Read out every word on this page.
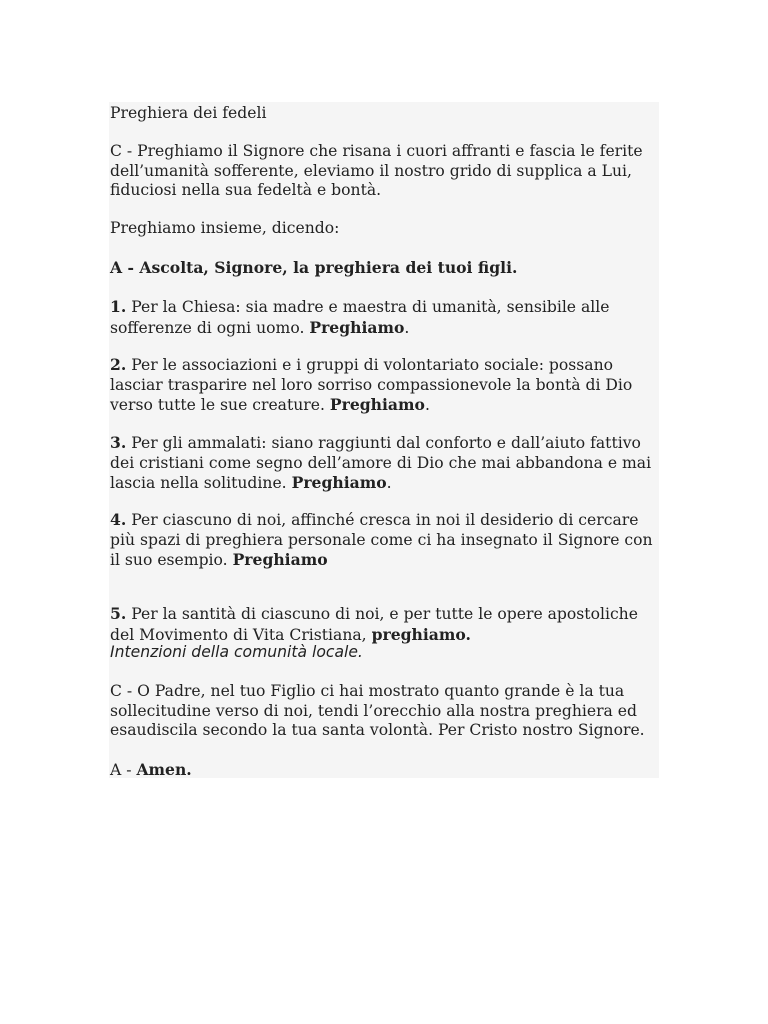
Preghiera dei fedeli

C - Preghiamo il Signore che risana i cuori affranti e fascia le ferite dell’umanità sofferente, eleviamo il nostro grido di supplica a Lui, fiduciosi nella sua fedeltà e bontà.

Preghiamo insieme, dicendo:

A - Ascolta, Signore, la preghiera dei tuoi figli.

1. Per la Chiesa: sia madre e maestra di umanità, sensibile alle sofferenze di ogni uomo. Preghiamo.

2. Per le associazioni e i gruppi di volontariato sociale: possano lasciar trasparire nel loro sorriso compassionevole la bontà di Dio verso tutte le sue creature. Preghiamo.

3. Per gli ammalati: siano raggiunti dal conforto e dall’aiuto fattivo dei cristiani come segno dell’amore di Dio che mai abbandona e mai lascia nella solitudine. Preghiamo.

4. Per ciascuno di noi, affinché cresca in noi il desiderio di cercare più spazi di preghiera personale come ci ha insegnato il Signore con il suo esempio. Preghiamo

5. Per la santità di ciascuno di noi, e per tutte le opere apostoliche del Movimento di Vita Cristiana, preghiamo.

Intenzioni della comunità locale.

C - O Padre, nel tuo Figlio ci hai mostrato quanto grande è la tua sollecitudine verso di noi, tendi l’orecchio alla nostra preghiera ed esaudiscila secondo la tua santa volontà. Per Cristo nostro Signore.

A - Amen.
